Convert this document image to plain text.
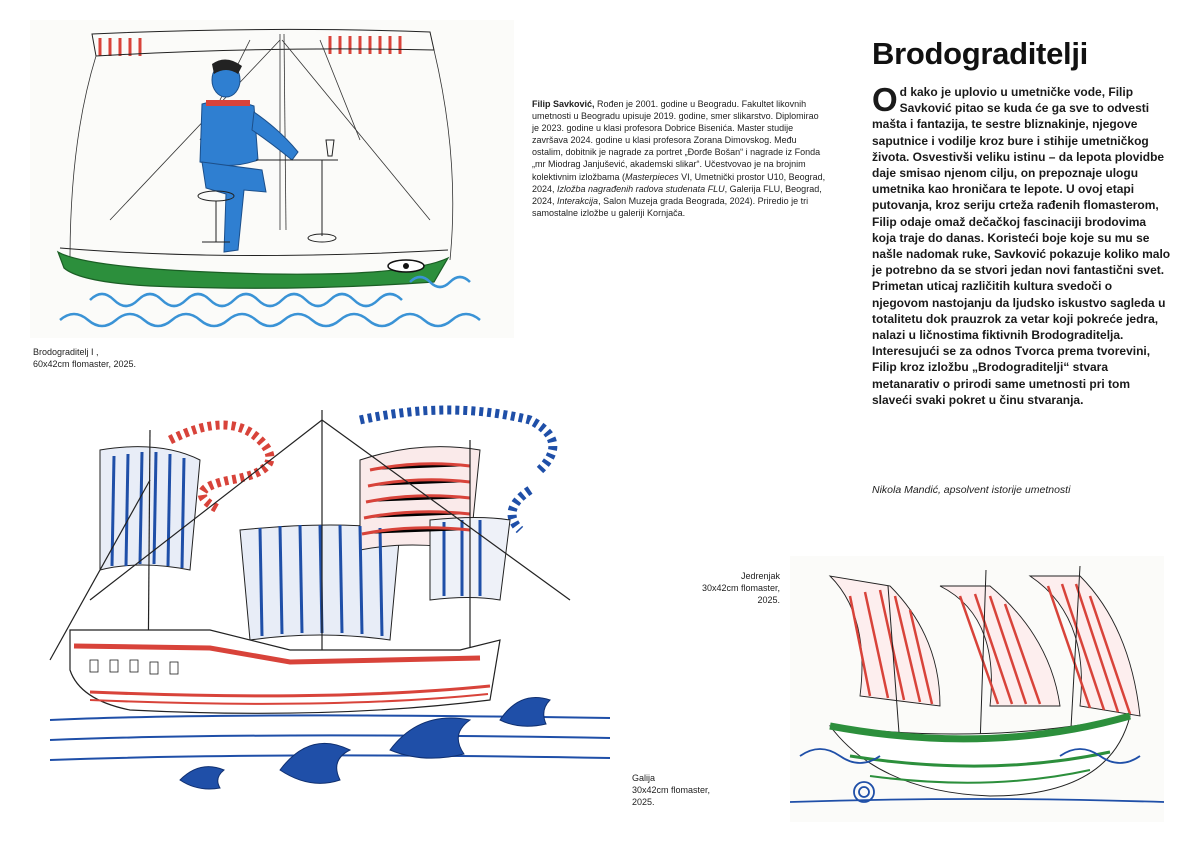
Brodograditelj I ,
60x42cm flomaster, 2025.
Filip Savković, Rođen je 2001. godine u Beogradu. Fakultet likovnih umetnosti u Beogradu upisuje 2019. godine, smer slikarstvo. Diplomirao je 2023. godine u klasi profesora Dobrice Bisenića. Master studije završava 2024. godine u klasi profesora Zorana Dimovskog. Među ostalim, dobitnik je nagrade za portret „Đorđe Bošan“ i nagrade iz Fonda „mr Miodrag Janjušević, akademski slikar“. Učestvovao je na brojnim kolektivnim izložbama (Masterpieces VI, Umetnički prostor U10, Beograd, 2024, Izložba nagrađenih radova studenata FLU, Galerija FLU, Beograd, 2024, Interakcija, Salon Muzeja grada Beograda, 2024). Priredio je tri samostalne izložbe u galeriji Kornjača.
Brodograditelji
Od kako je uplovio u umetničke vode, Filip Savković pitao se kuda će ga sve to odvesti mašta i fantazija, te sestre bliznakinje, njegove saputnice i vodilje kroz bure i stihije umetničkog života. Osvestivši veliku istinu – da lepota plovidbe daje smisao njenom cilju, on prepoznaje ulogu umetnika kao hroničara te lepote. U ovoj etapi putovanja, kroz seriju crteža rađenih flomasterom, Filip odaje omaž dečačkoj fascinaciji brodovima koja traje do danas. Koristeći boje koje su mu se našle nadomak ruke, Savković pokazuje koliko malo je potrebno da se stvori jedan novi fantastični svet. Primetan uticaj različitih kultura svedoči o njegovom nastojanju da ljudsko iskustvo sagleda u totalitetu dok prauzrok za vetar koji pokreće jedra, nalazi u ličnostima fiktivnih Brodograditelja. Interesujući se za odnos Tvorca prema tvorevini, Filip kroz izložbu „Brodograditelji“ stvara metanarativ o prirodi same umetnosti pri tom slaveći svaki pokret u činu stvaranja.
Nikola Mandić, apsolvent istorije umetnosti
Galija
30x42cm flomaster,
2025.
Jedrenjak
30x42cm flomaster,
2025.
